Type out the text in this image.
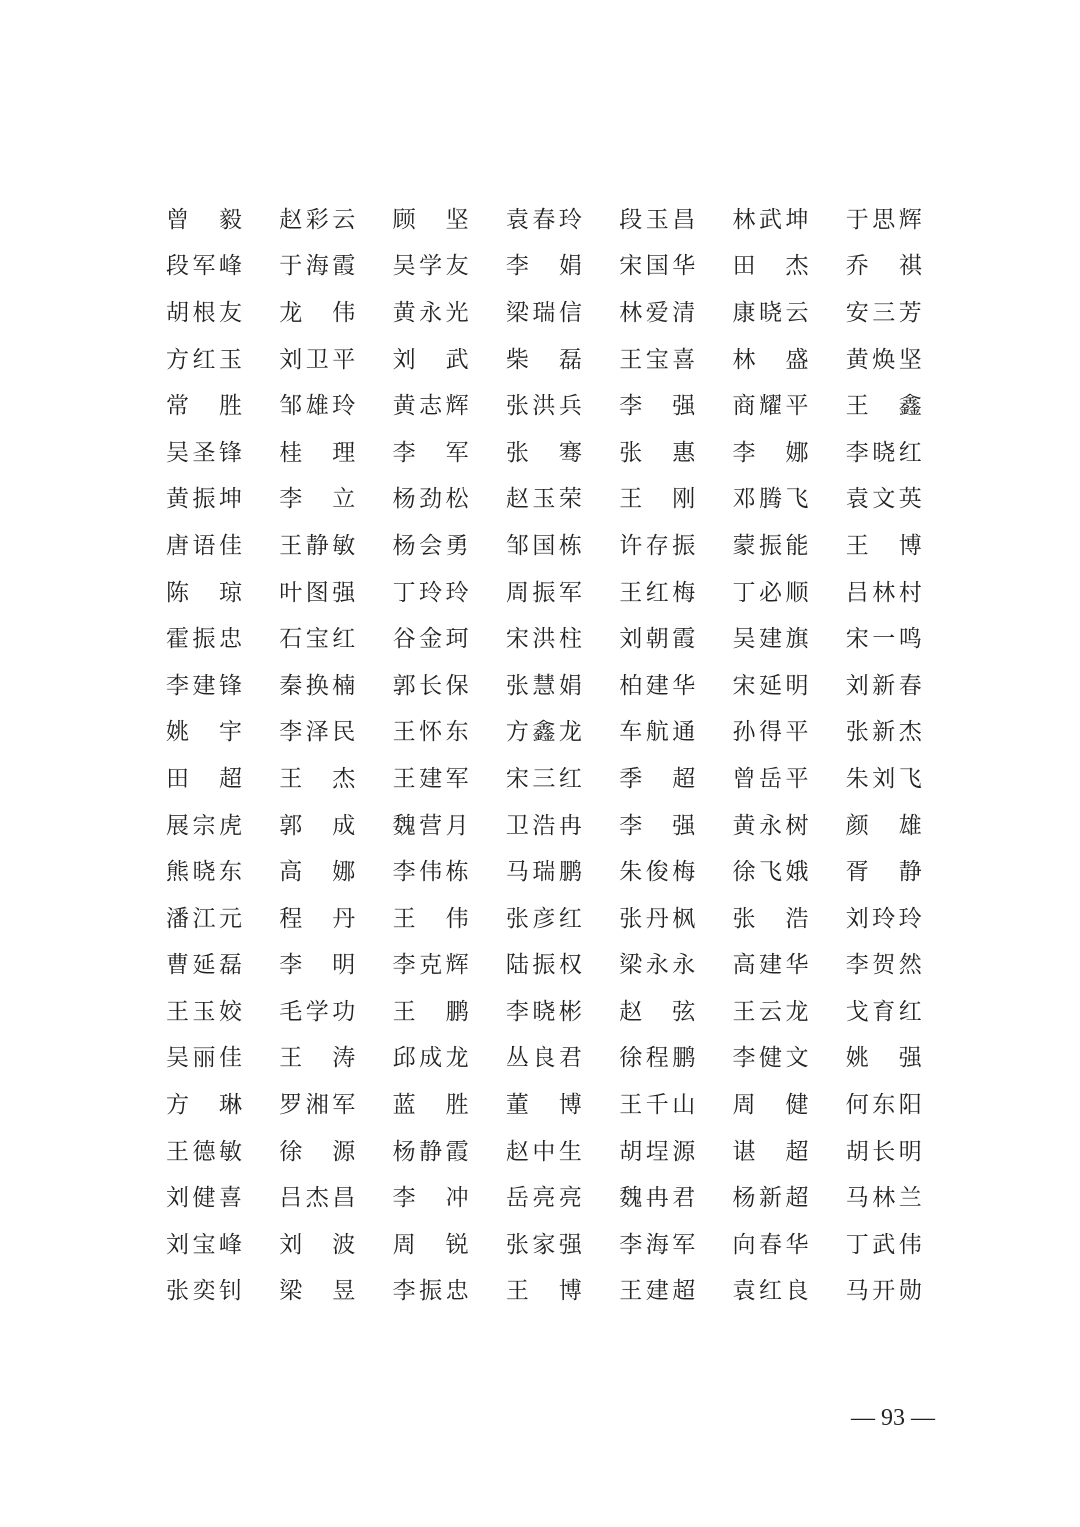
曾 毅 赵 彩 云 顾 坚 袁 春 玲 段 玉 昌 林 武 坤 于 思 辉
段 军 峰 于 海 霞 吴 学 友 李 娟 宋 国 华 田 杰 乔 祺
胡 根 友 龙 伟 黄 永 光 梁 瑞 信 林 爱 清 康 晓 云 安 三 芳
方 红 玉 刘 卫 平 刘 武 柴 磊 王 宝 喜 林 盛 黄 焕 坚
常 胜 邹 雄 玲 黄 志 辉 张 洪 兵 李 强 商 耀 平 王 鑫
吴 圣 锋 桂 理 李 军 张 骞 张 惠 李 娜 李 晓 红
黄 振 坤 李 立 杨 劲 松 赵 玉 荣 王 刚 邓 腾 飞 袁 文 英
唐 语 佳 王 静 敏 杨 会 勇 邹 国 栋 许 存 振 蒙 振 能 王 博
陈 琼 叶 图 强 丁 玲 玲 周 振 军 王 红 梅 丁 必 顺 吕 林 村
霍 振 忠 石 宝 红 谷 金 珂 宋 洪 柱 刘 朝 霞 吴 建 旗 宋 一 鸣
李 建 锋 秦 换 楠 郭 长 保 张 慧 娟 柏 建 华 宋 延 明 刘 新 春
姚 宇 李 泽 民 王 怀 东 方 鑫 龙 车 航 通 孙 得 平 张 新 杰
田 超 王 杰 王 建 军 宋 三 红 季 超 曾 岳 平 朱 刘 飞
展 宗 虎 郭 成 魏 营 月 卫 浩 冉 李 强 黄 永 树 颜 雄
熊 晓 东 高 娜 李 伟 栋 马 瑞 鹏 朱 俊 梅 徐 飞 娥 胥 静
潘 江 元 程 丹 王 伟 张 彦 红 张 丹 枫 张 浩 刘 玲 玲
曹 延 磊 李 明 李 克 辉 陆 振 权 梁 永 永 高 建 华 李 贺 然
王 玉 姣 毛 学 功 王 鹏 李 晓 彬 赵 弦 王 云 龙 戈 育 红
吴 丽 佳 王 涛 邱 成 龙 丛 良 君 徐 程 鹏 李 健 文 姚 强
方 琳 罗 湘 军 蓝 胜 董 博 王 千 山 周 健 何 东 阳
王 德 敏 徐 源 杨 静 霞 赵 中 生 胡 埕 源 谌 超 胡 长 明
刘 健 喜 吕 杰 昌 李 冲 岳 亮 亮 魏 冉 君 杨 新 超 马 林 兰
刘 宝 峰 刘 波 周 锐 张 家 强 李 海 军 向 春 华 丁 武 伟
张 奕 钊 梁 昱 李 振 忠 王 博 王 建 超 袁 红 良 马 开 勋
— 93 —
